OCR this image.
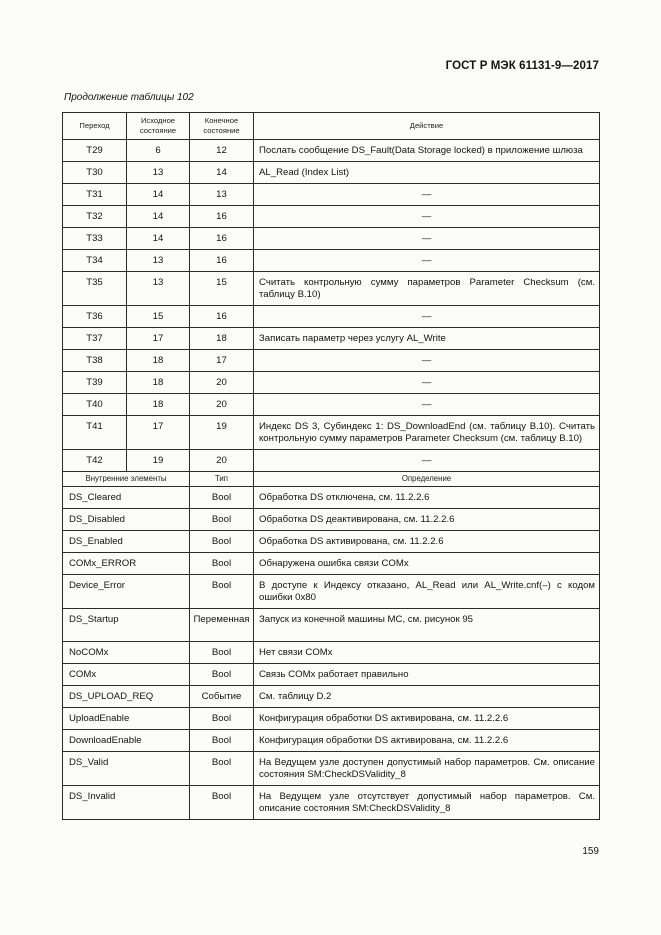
ГОСТ Р МЭК 61131-9—2017
Продолжение таблицы 102
Переход	Исходное состояние	Конечное состояние	Действие
T29	6	12	Послать сообщение DS_Fault(Data Storage locked) в приложение шлюза
T30	13	14	AL_Read (Index List)
T31	14	13	—
T32	14	16	—
T33	14	16	—
T34	13	16	—
T35	13	15	Считать контрольную сумму параметров Parameter Checksum (см. таблицу B.10)
T36	15	16	—
T37	17	18	Записать параметр через услугу AL_Write
T38	18	17	—
T39	18	20	—
T40	18	20	—
T41	17	19	Индекс DS 3, Субиндекс 1: DS_DownloadEnd (см. таблицу B.10). Считать контрольную сумму параметров Parameter Checksum (см. таблицу B.10)
T42	19	20	—
Внутренние элементы		Тип	Определение
DS_Cleared		Bool	Обработка DS отключена, см. 11.2.2.6
DS_Disabled		Bool	Обработка DS деактивирована, см. 11.2.2.6
DS_Enabled		Bool	Обработка DS активирована, см. 11.2.2.6
COMx_ERROR		Bool	Обнаружена ошибка связи COMx
Device_Error		Bool	В доступе к Индексу отказано, AL_Read или AL_Write.cnf(–) с кодом ошибки 0x80
DS_Startup		Переменная	Запуск из конечной машины MC, см. рисунок 95
NoCOMx		Bool	Нет связи COMx
COMx		Bool	Связь COMx работает правильно
DS_UPLOAD_REQ		Событие	См. таблицу D.2
UploadEnable		Bool	Конфигурация обработки DS активирована, см. 11.2.2.6
DownloadEnable		Bool	Конфигурация обработки DS активирована, см. 11.2.2.6
DS_Valid		Bool	На Ведущем узле доступен допустимый набор параметров. См. описание состояния SM:CheckDSValidity_8
DS_Invalid		Bool	На Ведущем узле отсутствует допустимый набор параметров. См. описание состояния SM:CheckDSValidity_8
159
